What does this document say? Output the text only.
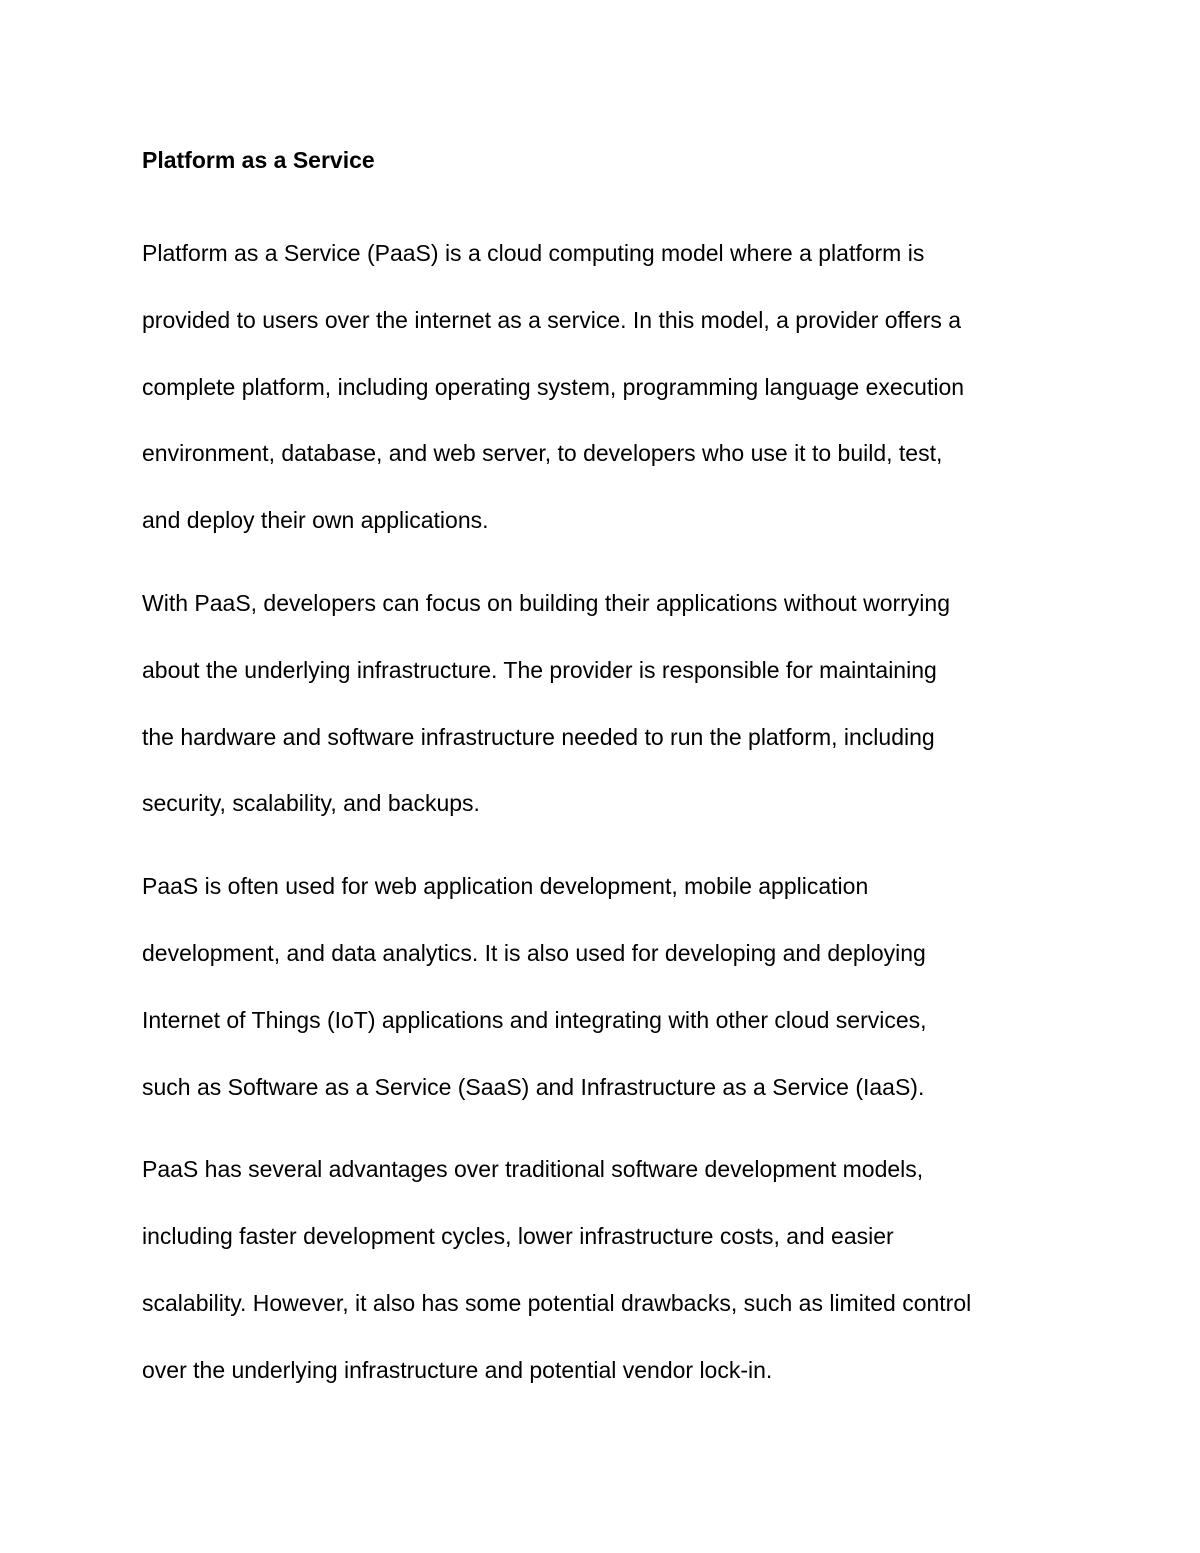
Platform as a Service
Platform as a Service (PaaS) is a cloud computing model where a platform is
provided to users over the internet as a service. In this model, a provider offers a
complete platform, including operating system, programming language execution
environment, database, and web server, to developers who use it to build, test,
and deploy their own applications.
With PaaS, developers can focus on building their applications without worrying
about the underlying infrastructure. The provider is responsible for maintaining
the hardware and software infrastructure needed to run the platform, including
security, scalability, and backups.
PaaS is often used for web application development, mobile application
development, and data analytics. It is also used for developing and deploying
Internet of Things (IoT) applications and integrating with other cloud services,
such as Software as a Service (SaaS) and Infrastructure as a Service (IaaS).
PaaS has several advantages over traditional software development models,
including faster development cycles, lower infrastructure costs, and easier
scalability. However, it also has some potential drawbacks, such as limited control
over the underlying infrastructure and potential vendor lock-in.
